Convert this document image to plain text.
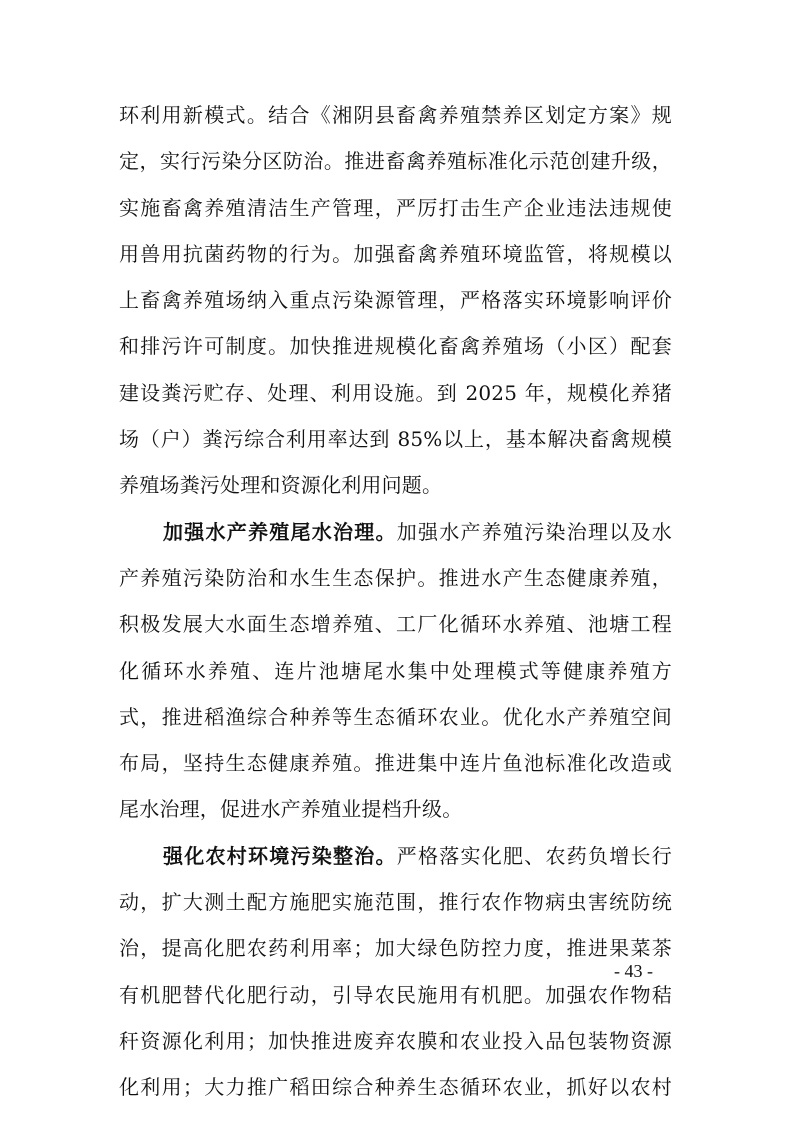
环利用新模式。结合《湘阴县畜禽养殖禁养区划定方案》规
定，实行污染分区防治。推进畜禽养殖标准化示范创建升级，
实施畜禽养殖清洁生产管理，严厉打击生产企业违法违规使
用兽用抗菌药物的行为。加强畜禽养殖环境监管，将规模以
上畜禽养殖场纳入重点污染源管理，严格落实环境影响评价
和排污许可制度。加快推进规模化畜禽养殖场（小区）配套
建设粪污贮存、处理、利用设施。到 2025 年，规模化养猪
场（户）粪污综合利用率达到 85%以上，基本解决畜禽规模
养殖场粪污处理和资源化利用问题。
加强水产养殖尾水治理。加强水产养殖污染治理以及水
产养殖污染防治和水生生态保护。推进水产生态健康养殖，
积极发展大水面生态增养殖、工厂化循环水养殖、池塘工程
化循环水养殖、连片池塘尾水集中处理模式等健康养殖方
式，推进稻渔综合种养等生态循环农业。优化水产养殖空间
布局，坚持生态健康养殖。推进集中连片鱼池标准化改造或
尾水治理，促进水产养殖业提档升级。
强化农村环境污染整治。严格落实化肥、农药负增长行
动，扩大测土配方施肥实施范围，推行农作物病虫害统防统
治，提高化肥农药利用率；加大绿色防控力度，推进果菜茶
有机肥替代化肥行动，引导农民施用有机肥。加强农作物秸
秆资源化利用；加快推进废弃农膜和农业投入品包装物资源
化利用；大力推广稻田综合种养生态循环农业，抓好以农村
- 43 -
